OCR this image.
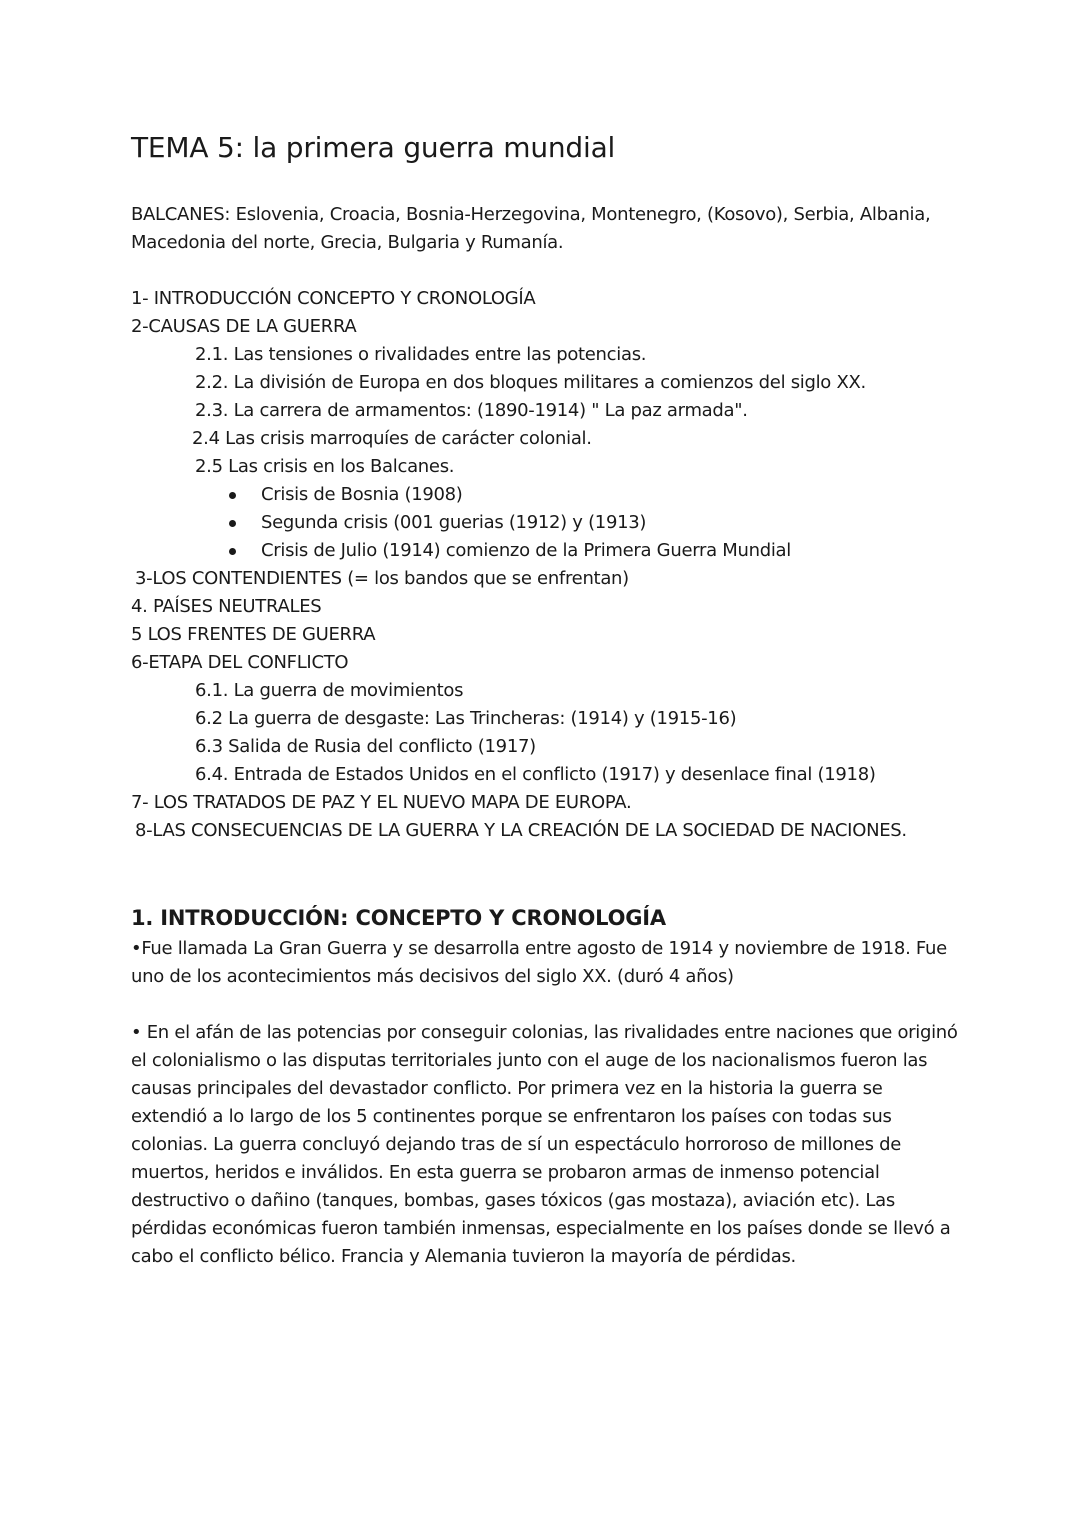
TEMA 5: la primera guerra mundial

BALCANES: Eslovenia, Croacia, Bosnia-Herzegovina, Montenegro, (Kosovo), Serbia, Albania, Macedonia del norte, Grecia, Bulgaria y Rumanía.

1- INTRODUCCIÓN CONCEPTO Y CRONOLOGÍA

2-CAUSAS DE LA GUERRA

2.1. Las tensiones o rivalidades entre las potencias.

2.2. La división de Europa en dos bloques militares a comienzos del siglo XX.

2.3. La carrera de armamentos: (1890-1914) " La paz armada".

2.4 Las crisis marroquíes de carácter colonial.

2.5 Las crisis en los Balcanes.

Crisis de Bosnia (1908)
Segunda crisis (001 guerias (1912) y (1913)
Crisis de Julio (1914) comienzo de la Primera Guerra Mundial

3-LOS CONTENDIENTES (= los bandos que se enfrentan)

4. PAÍSES NEUTRALES

5 LOS FRENTES DE GUERRA

6-ETAPA DEL CONFLICTO

6.1. La guerra de movimientos

6.2 La guerra de desgaste: Las Trincheras: (1914) y (1915-16)

6.3 Salida de Rusia del conflicto (1917)

6.4. Entrada de Estados Unidos en el conflicto (1917) y desenlace final (1918)

7- LOS TRATADOS DE PAZ Y EL NUEVO MAPA DE EUROPA.

8-LAS CONSECUENCIAS DE LA GUERRA Y LA CREACIÓN DE LA SOCIEDAD DE NACIONES.

1. INTRODUCCIÓN: CONCEPTO Y CRONOLOGÍA

•Fue llamada La Gran Guerra y se desarrolla entre agosto de 1914 y noviembre de 1918. Fue uno de los acontecimientos más decisivos del siglo XX. (duró 4 años)

• En el afán de las potencias por conseguir colonias, las rivalidades entre naciones que originó el colonialismo o las disputas territoriales junto con el auge de los nacionalismos fueron las causas principales del devastador conflicto. Por primera vez en la historia la guerra se extendió a lo largo de los 5 continentes porque se enfrentaron los países con todas sus colonias. La guerra concluyó dejando tras de sí un espectáculo horroroso de millones de muertos, heridos e inválidos. En esta guerra se probaron armas de inmenso potencial destructivo o dañino (tanques, bombas, gases tóxicos (gas mostaza), aviación etc). Las pérdidas económicas fueron también inmensas, especialmente en los países donde se llevó a cabo el conflicto bélico. Francia y Alemania tuvieron la mayoría de pérdidas.
